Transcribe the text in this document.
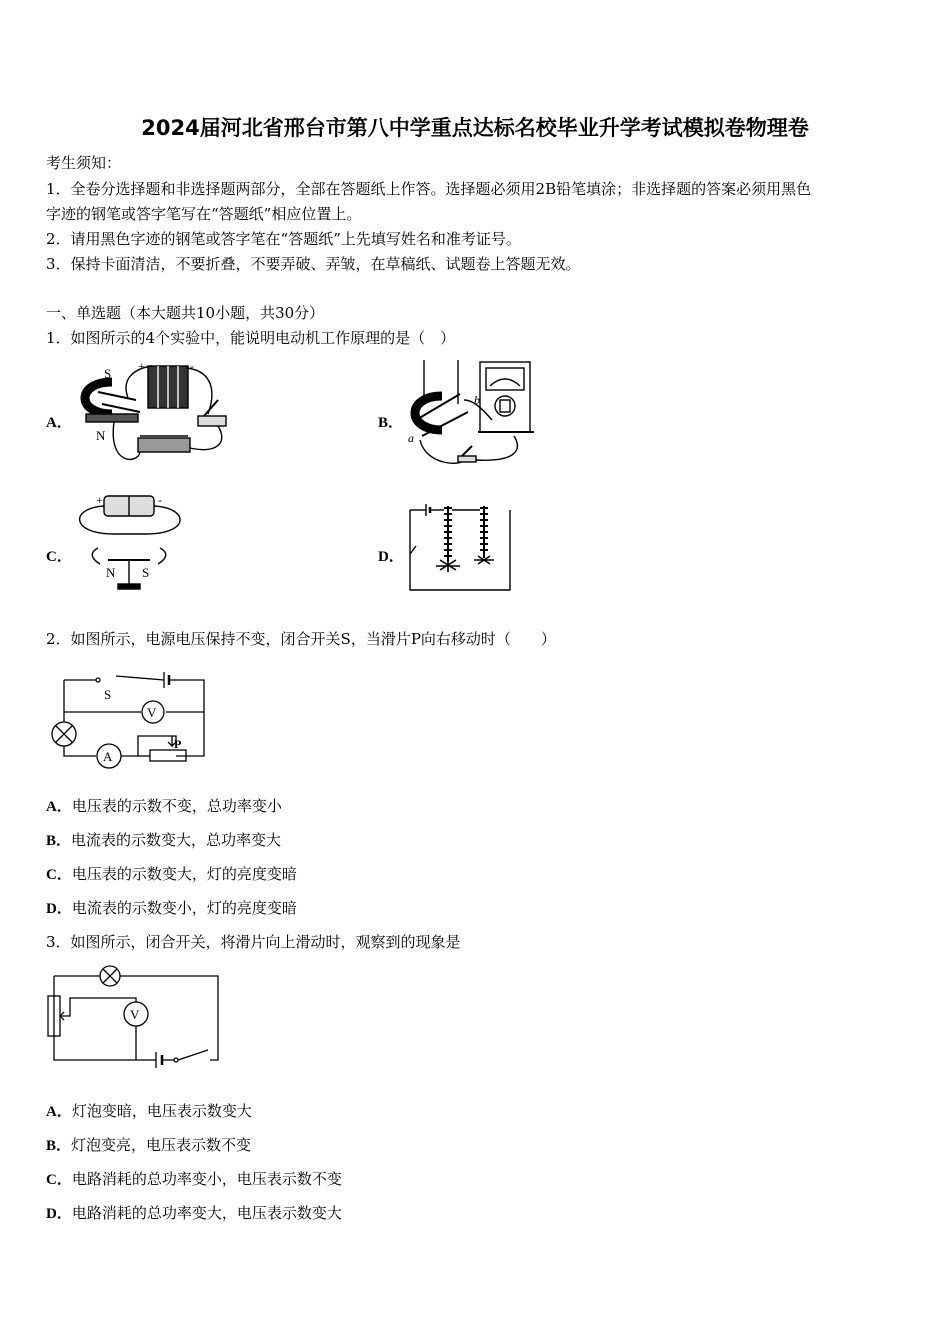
2024届河北省邢台市第八中学重点达标名校毕业升学考试模拟卷物理卷
考生须知：
1．全卷分选择题和非选择题两部分，全部在答题纸上作答。选择题必须用2B铅笔填涂；非选择题的答案必须用黑色
字迹的钢笔或答字笔写在“答题纸”相应位置上。
2．请用黑色字迹的钢笔或答字笔在“答题纸”上先填写姓名和准考证号。
3．保持卡面清洁，不要折叠，不要弄破、弄皱，在草稿纸、试题卷上答题无效。
一、单选题（本大题共10小题，共30分）
1．如图所示的4个实验中，能说明电动机工作原理的是（　）
A．	B．
C．	D．
S
N
+	-
b
a
+	-
N S
2．如图所示，电源电压保持不变，闭合开关S，当滑片P向右移动时（　　）
S
V
A
P
A．电压表的示数不变，总功率变小
B．电流表的示数变大，总功率变大
C．电压表的示数变大，灯的亮度变暗
D．电流表的示数变小，灯的亮度变暗
3．如图所示，闭合开关，将滑片向上滑动时，观察到的现象是
V
A．灯泡变暗，电压表示数变大
B．灯泡变亮，电压表示数不变
C．电路消耗的总功率变小，电压表示数不变
D．电路消耗的总功率变大，电压表示数变大
